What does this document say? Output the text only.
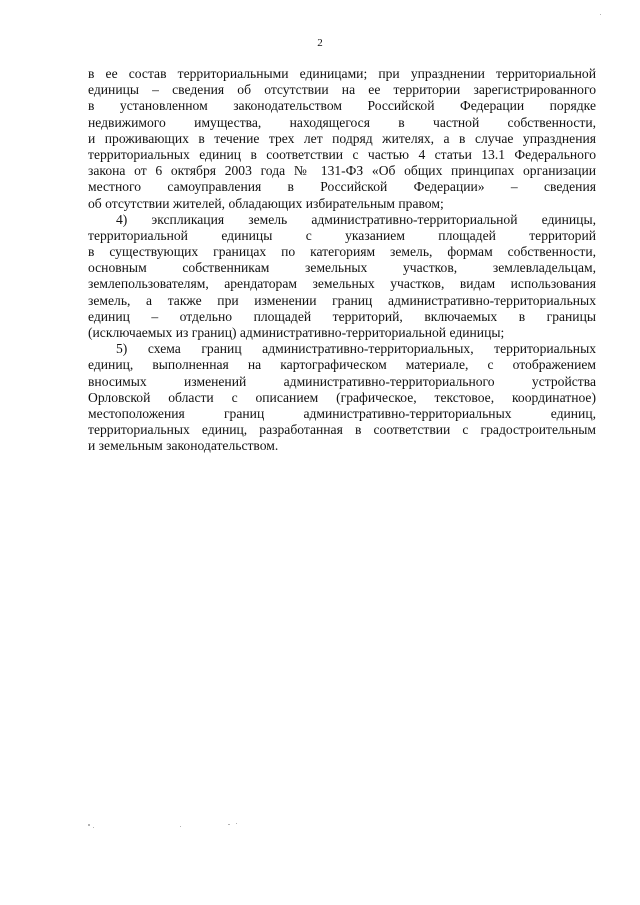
2
в ее состав территориальными единицами; при упразднении территориальной
единицы – сведения об отсутствии на ее территории зарегистрированного
в установленном законодательством Российской Федерации порядке
недвижимого имущества, находящегося в частной собственности,
и проживающих в течение трех лет подряд жителях, а в случае упразднения
территориальных единиц в соответствии с частью 4 статьи 13.1 Федерального
закона от 6 октября 2003 года № 131-ФЗ «Об общих принципах организации
местного самоуправления в Российской Федерации» – сведения
об отсутствии жителей, обладающих избирательным правом;
4) экспликация земель административно-территориальной единицы,
территориальной единицы с указанием площадей территорий
в существующих границах по категориям земель, формам собственности,
основным собственникам земельных участков, землевладельцам,
землепользователям, арендаторам земельных участков, видам использования
земель, а также при изменении границ административно-территориальных
единиц – отдельно площадей территорий, включаемых в границы
(исключаемых из границ) административно-территориальной единицы;
5) схема границ административно-территориальных, территориальных
единиц, выполненная на картографическом материале, с отображением
вносимых изменений административно-территориального устройства
Орловской области с описанием (графическое, текстовое, координатное)
местоположения границ административно-территориальных единиц,
территориальных единиц, разработанная в соответствии с градостроительным
и земельным законодательством.
